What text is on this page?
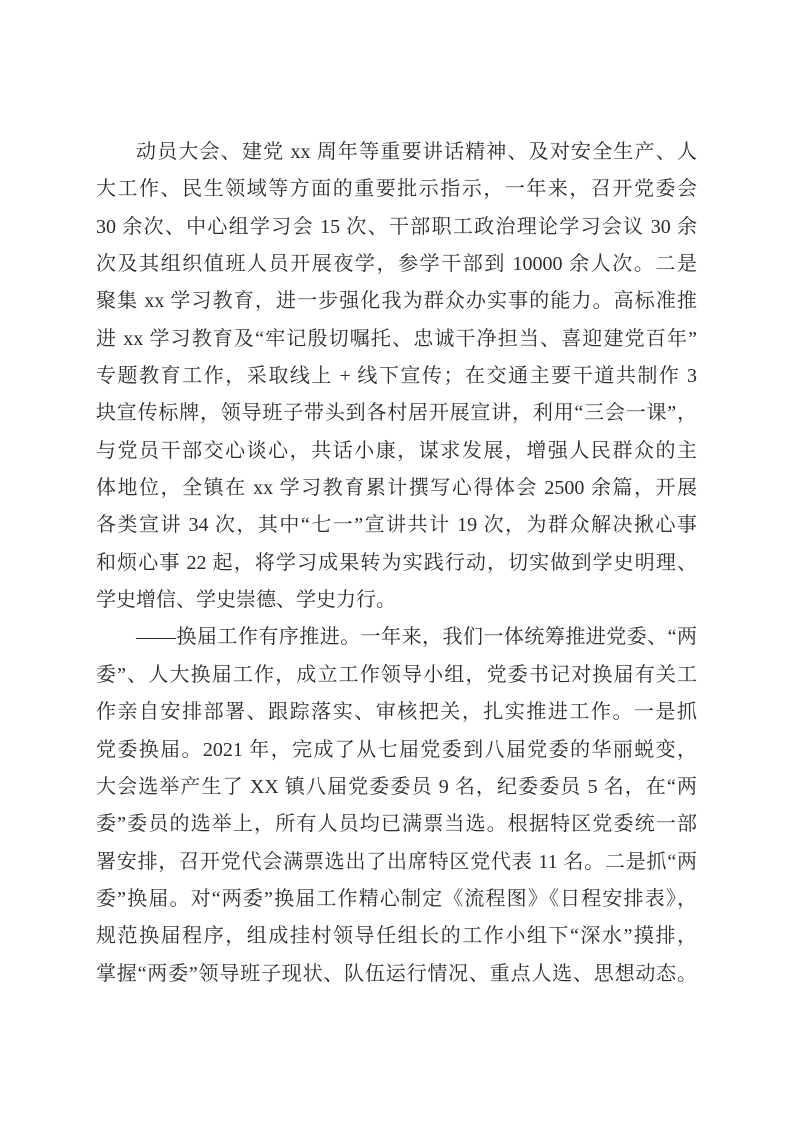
动员大会、建党 xx 周年等重要讲话精神、及对安全生产、人
大工作、民生领域等方面的重要批示指示，一年来，召开党委会
30 余次、中心组学习会 15 次、干部职工政治理论学习会议 30 余
次及其组织值班人员开展夜学，参学干部到 10000 余人次。二是
聚集 xx 学习教育，进一步强化我为群众办实事的能力。高标准推
进 xx 学习教育及“牢记殷切嘱托、忠诚干净担当、喜迎建党百年”
专题教育工作，采取线上 + 线下宣传；在交通主要干道共制作 3
块宣传标牌，领导班子带头到各村居开展宣讲，利用“三会一课”，
与党员干部交心谈心，共话小康，谋求发展，增强人民群众的主
体地位，全镇在 xx 学习教育累计撰写心得体会 2500 余篇，开展
各类宣讲 34 次，其中“七一”宣讲共计 19 次，为群众解决揪心事
和烦心事 22 起，将学习成果转为实践行动，切实做到学史明理、
学史增信、学史崇德、学史力行。
——换届工作有序推进。一年来，我们一体统筹推进党委、“两
委”、人大换届工作，成立工作领导小组，党委书记对换届有关工
作亲自安排部署、跟踪落实、审核把关，扎实推进工作。一是抓
党委换届。2021 年，完成了从七届党委到八届党委的华丽蜕变，
大会选举产生了 XX 镇八届党委委员 9 名，纪委委员 5 名，在“两
委”委员的选举上，所有人员均已满票当选。根据特区党委统一部
署安排，召开党代会满票选出了出席特区党代表 11 名。二是抓“两
委”换届。对“两委”换届工作精心制定《流程图》《日程安排表》，
规范换届程序，组成挂村领导任组长的工作小组下“深水”摸排，
掌握“两委”领导班子现状、队伍运行情况、重点人选、思想动态。
